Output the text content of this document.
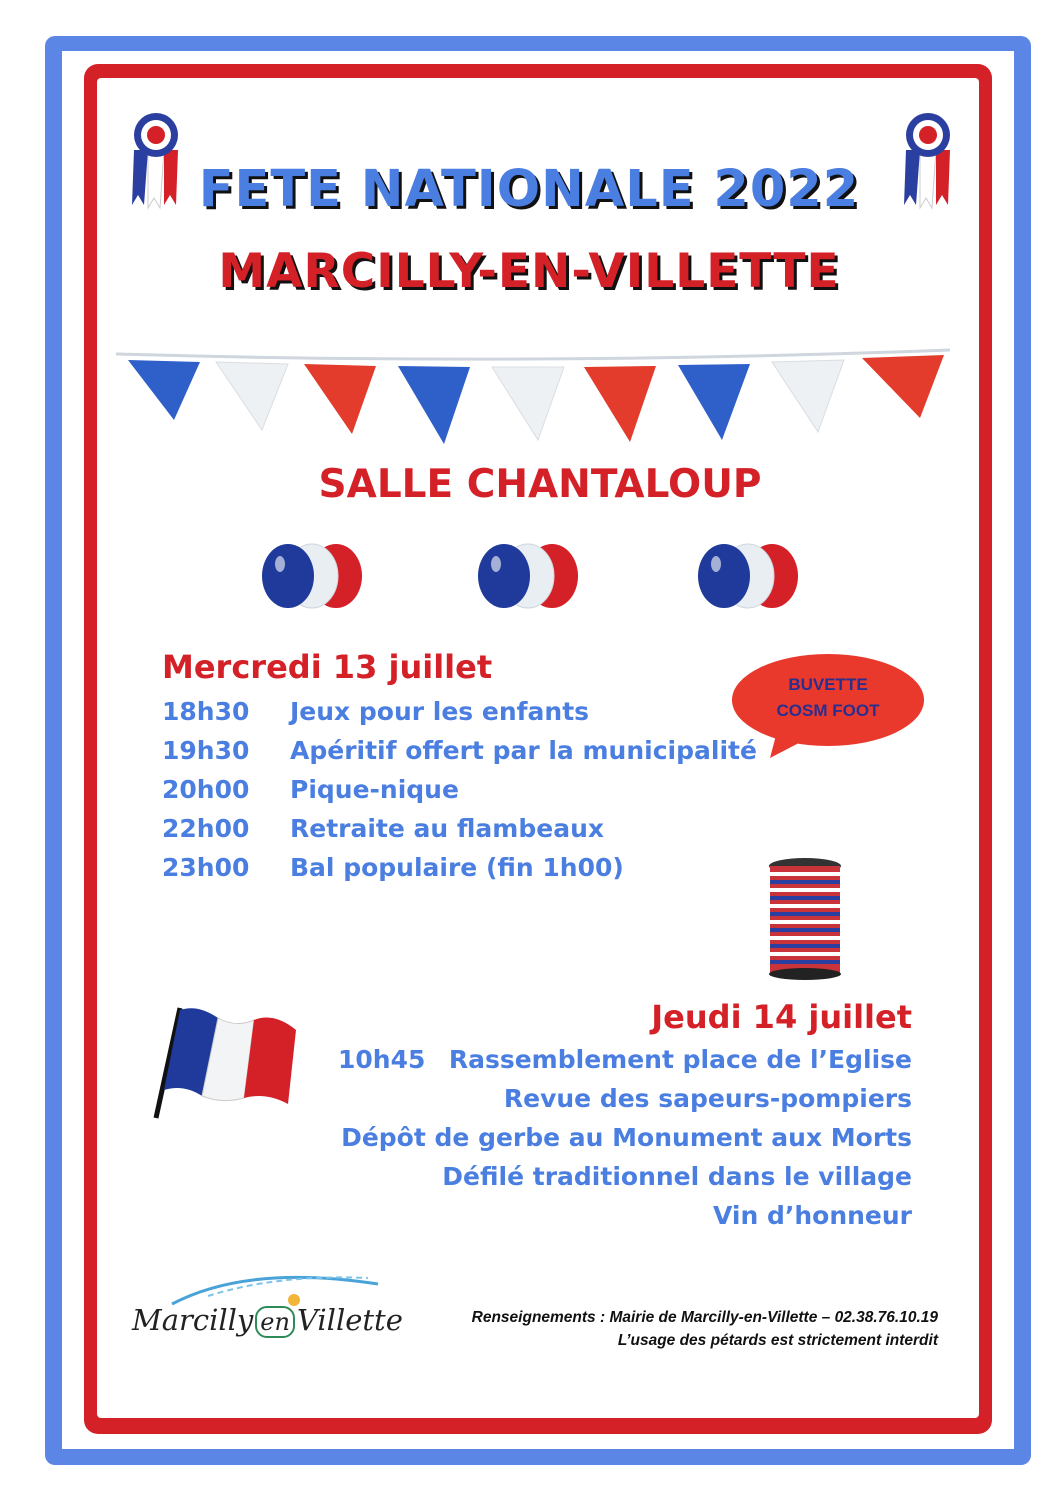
FETE NATIONALE 2022
MARCILLY-EN-VILLETTE
SALLE CHANTALOUP
Mercredi 13 juillet
18h30 Jeux pour les enfants
19h30 Apéritif offert par la municipalité
20h00 Pique-nique
22h00 Retraite au flambeaux
23h00 Bal populaire (fin 1h00)
BUVETTE
COSM FOOT
Jeudi 14 juillet
10h45 Rassemblement place de l’Eglise
Revue des sapeurs-pompiers
Dépôt de gerbe au Monument aux Morts
Défilé traditionnel dans le village
Vin d’honneur
Marcilly en Villette	Renseignements : Mairie de Marcilly-en-Villette – 02.38.76.10.19
L’usage des pétards est strictement interdit
